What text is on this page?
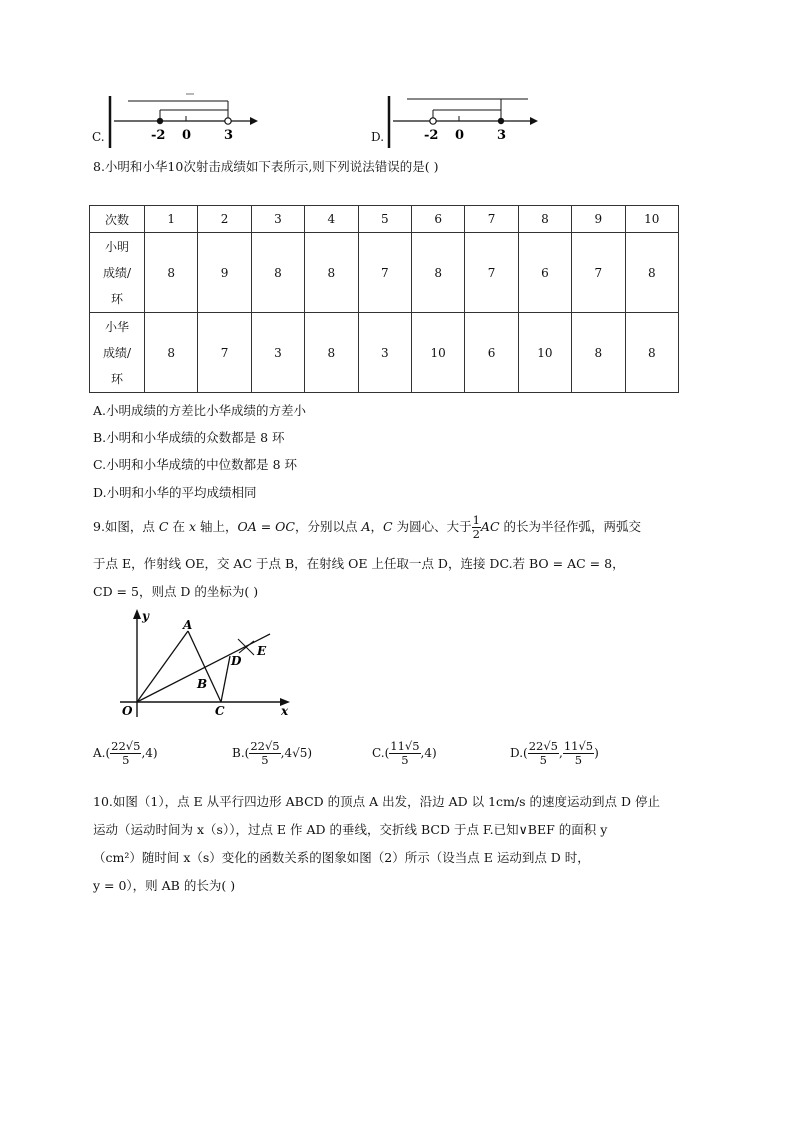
C.	-2 0	3	D.	-2 0	3
8.小明和小华10次射击成绩如下表所示,则下列说法错误的是( )
次数	1	2	3	4	5	6	7	8	9	10

小明
成绩/
环	8	9	8	8	7	8	7	6	7	8

小华
成绩/
环	8	7	3	8	3	10	6	10	8	8
A.小明成绩的方差比小华成绩的方差小
B.小明和小华成绩的众数都是 8 环
C.小明和小华成绩的中位数都是 8 环
D.小明和小华的平均成绩相同
9.如图，点 C 在 x 轴上，OA = OC，分别以点 A，C 为圆心、大于 $\frac{1}{2}$ AC 的长为半径作弧，两弧交
于点 E，作射线 OE，交 AC 于点 B，在射线 OE 上任取一点 D，连接 DC.若 BO = AC = 8，
CD = 5，则点 D 的坐标为( )
y
x
O
A
B
C
D
E
$A.( \frac{22√5}{5} ,4)$	$B.( \frac{22√5}{5} ,4√5)$	$C.( \frac{11√5}{5} ,4)$	$D.( \frac{22√5}{5}$ , $\frac{11√5}{5}$ )
10.如图（1），点 E 从平行四边形 ABCD 的顶点 A 出发，沿边 AD 以 1cm/s 的速度运动到点 D 停止
运动（运动时间为 x（s）），过点 E 作 AD 的垂线，交折线 BCD 于点 F.已知∨BEF 的面积 y
（cm²）随时间 x（s）变化的函数关系的图象如图（2）所示（设当点 E 运动到点 D 时，
y = 0），则 AB 的长为( )
